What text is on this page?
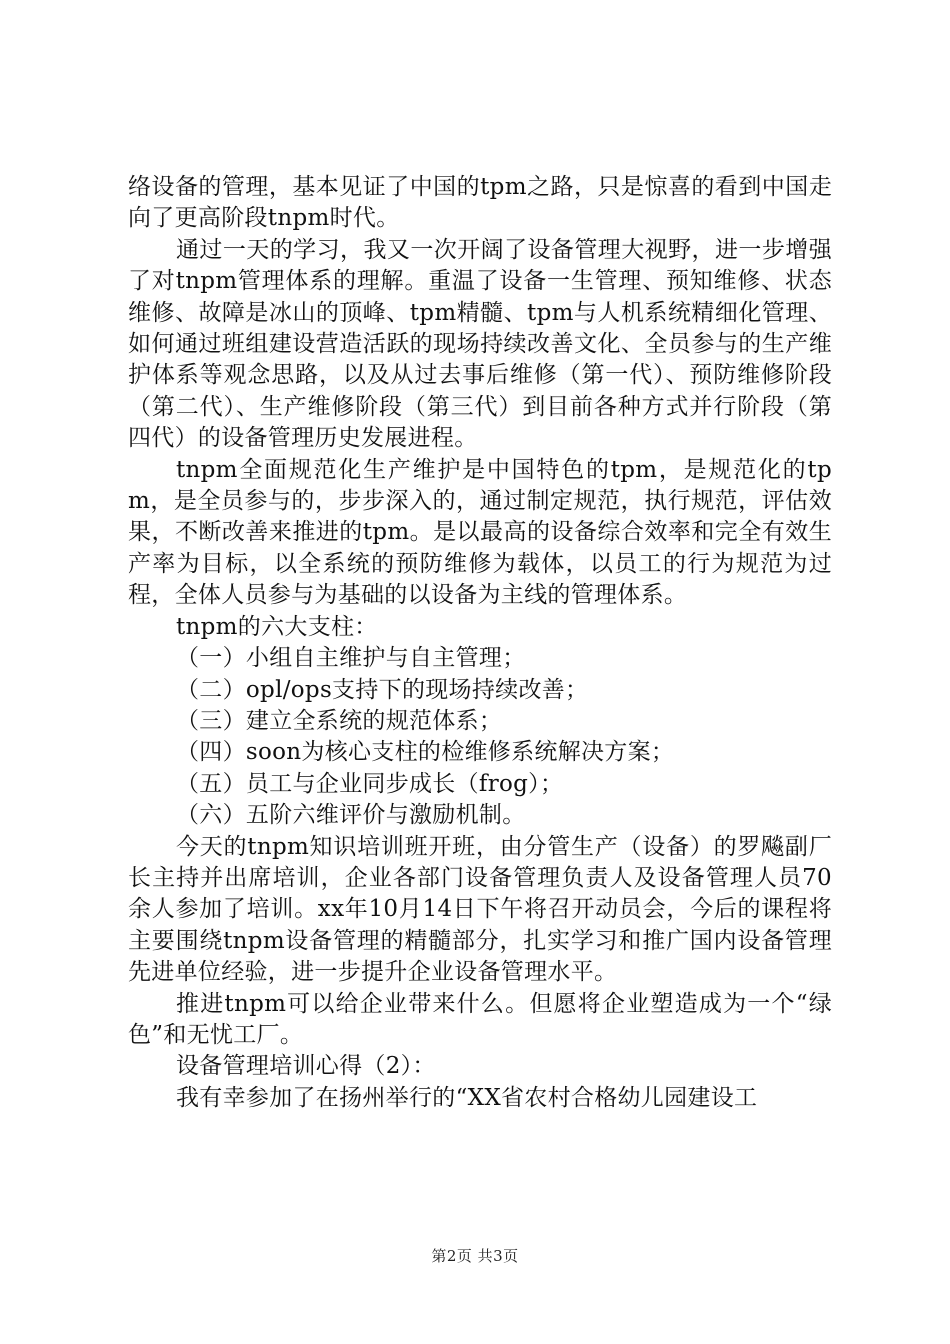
络设备的管理，基本见证了中国的tpm之路，只是惊喜的看到中国走向了更高阶段tnpm时代。

通过一天的学习，我又一次开阔了设备管理大视野，进一步增强了对tnpm管理体系的理解。重温了设备一生管理、预知维修、状态维修、故障是冰山的顶峰、tpm精髓、tpm与人机系统精细化管理、如何通过班组建设营造活跃的现场持续改善文化、全员参与的生产维护体系等观念思路，以及从过去事后维修（第一代）、预防维修阶段（第二代）、生产维修阶段（第三代）到目前各种方式并行阶段（第四代）的设备管理历史发展进程。

tnpm全面规范化生产维护是中国特色的tpm，是规范化的tpm，是全员参与的，步步深入的，通过制定规范，执行规范，评估效果，不断改善来推进的tpm。是以最高的设备综合效率和完全有效生产率为目标，以全系统的预防维修为载体，以员工的行为规范为过程，全体人员参与为基础的以设备为主线的管理体系。

tnpm的六大支柱：

（一）小组自主维护与自主管理；

（二）opl/ops支持下的现场持续改善；

（三）建立全系统的规范体系；

（四）soon为核心支柱的检维修系统解决方案；

（五）员工与企业同步成长（frog）；

（六）五阶六维评价与激励机制。

今天的tnpm知识培训班开班，由分管生产（设备）的罗飚副厂长主持并出席培训，企业各部门设备管理负责人及设备管理人员70余人参加了培训。xx年10月14日下午将召开动员会，今后的课程将主要围绕tnpm设备管理的精髓部分，扎实学习和推广国内设备管理先进单位经验，进一步提升企业设备管理水平。

推进tnpm可以给企业带来什么。但愿将企业塑造成为一个“绿色”和无忧工厂。

设备管理培训心得（2）：

我有幸参加了在扬州举行的“XX省农村合格幼儿园建设工

第2页 共3页
